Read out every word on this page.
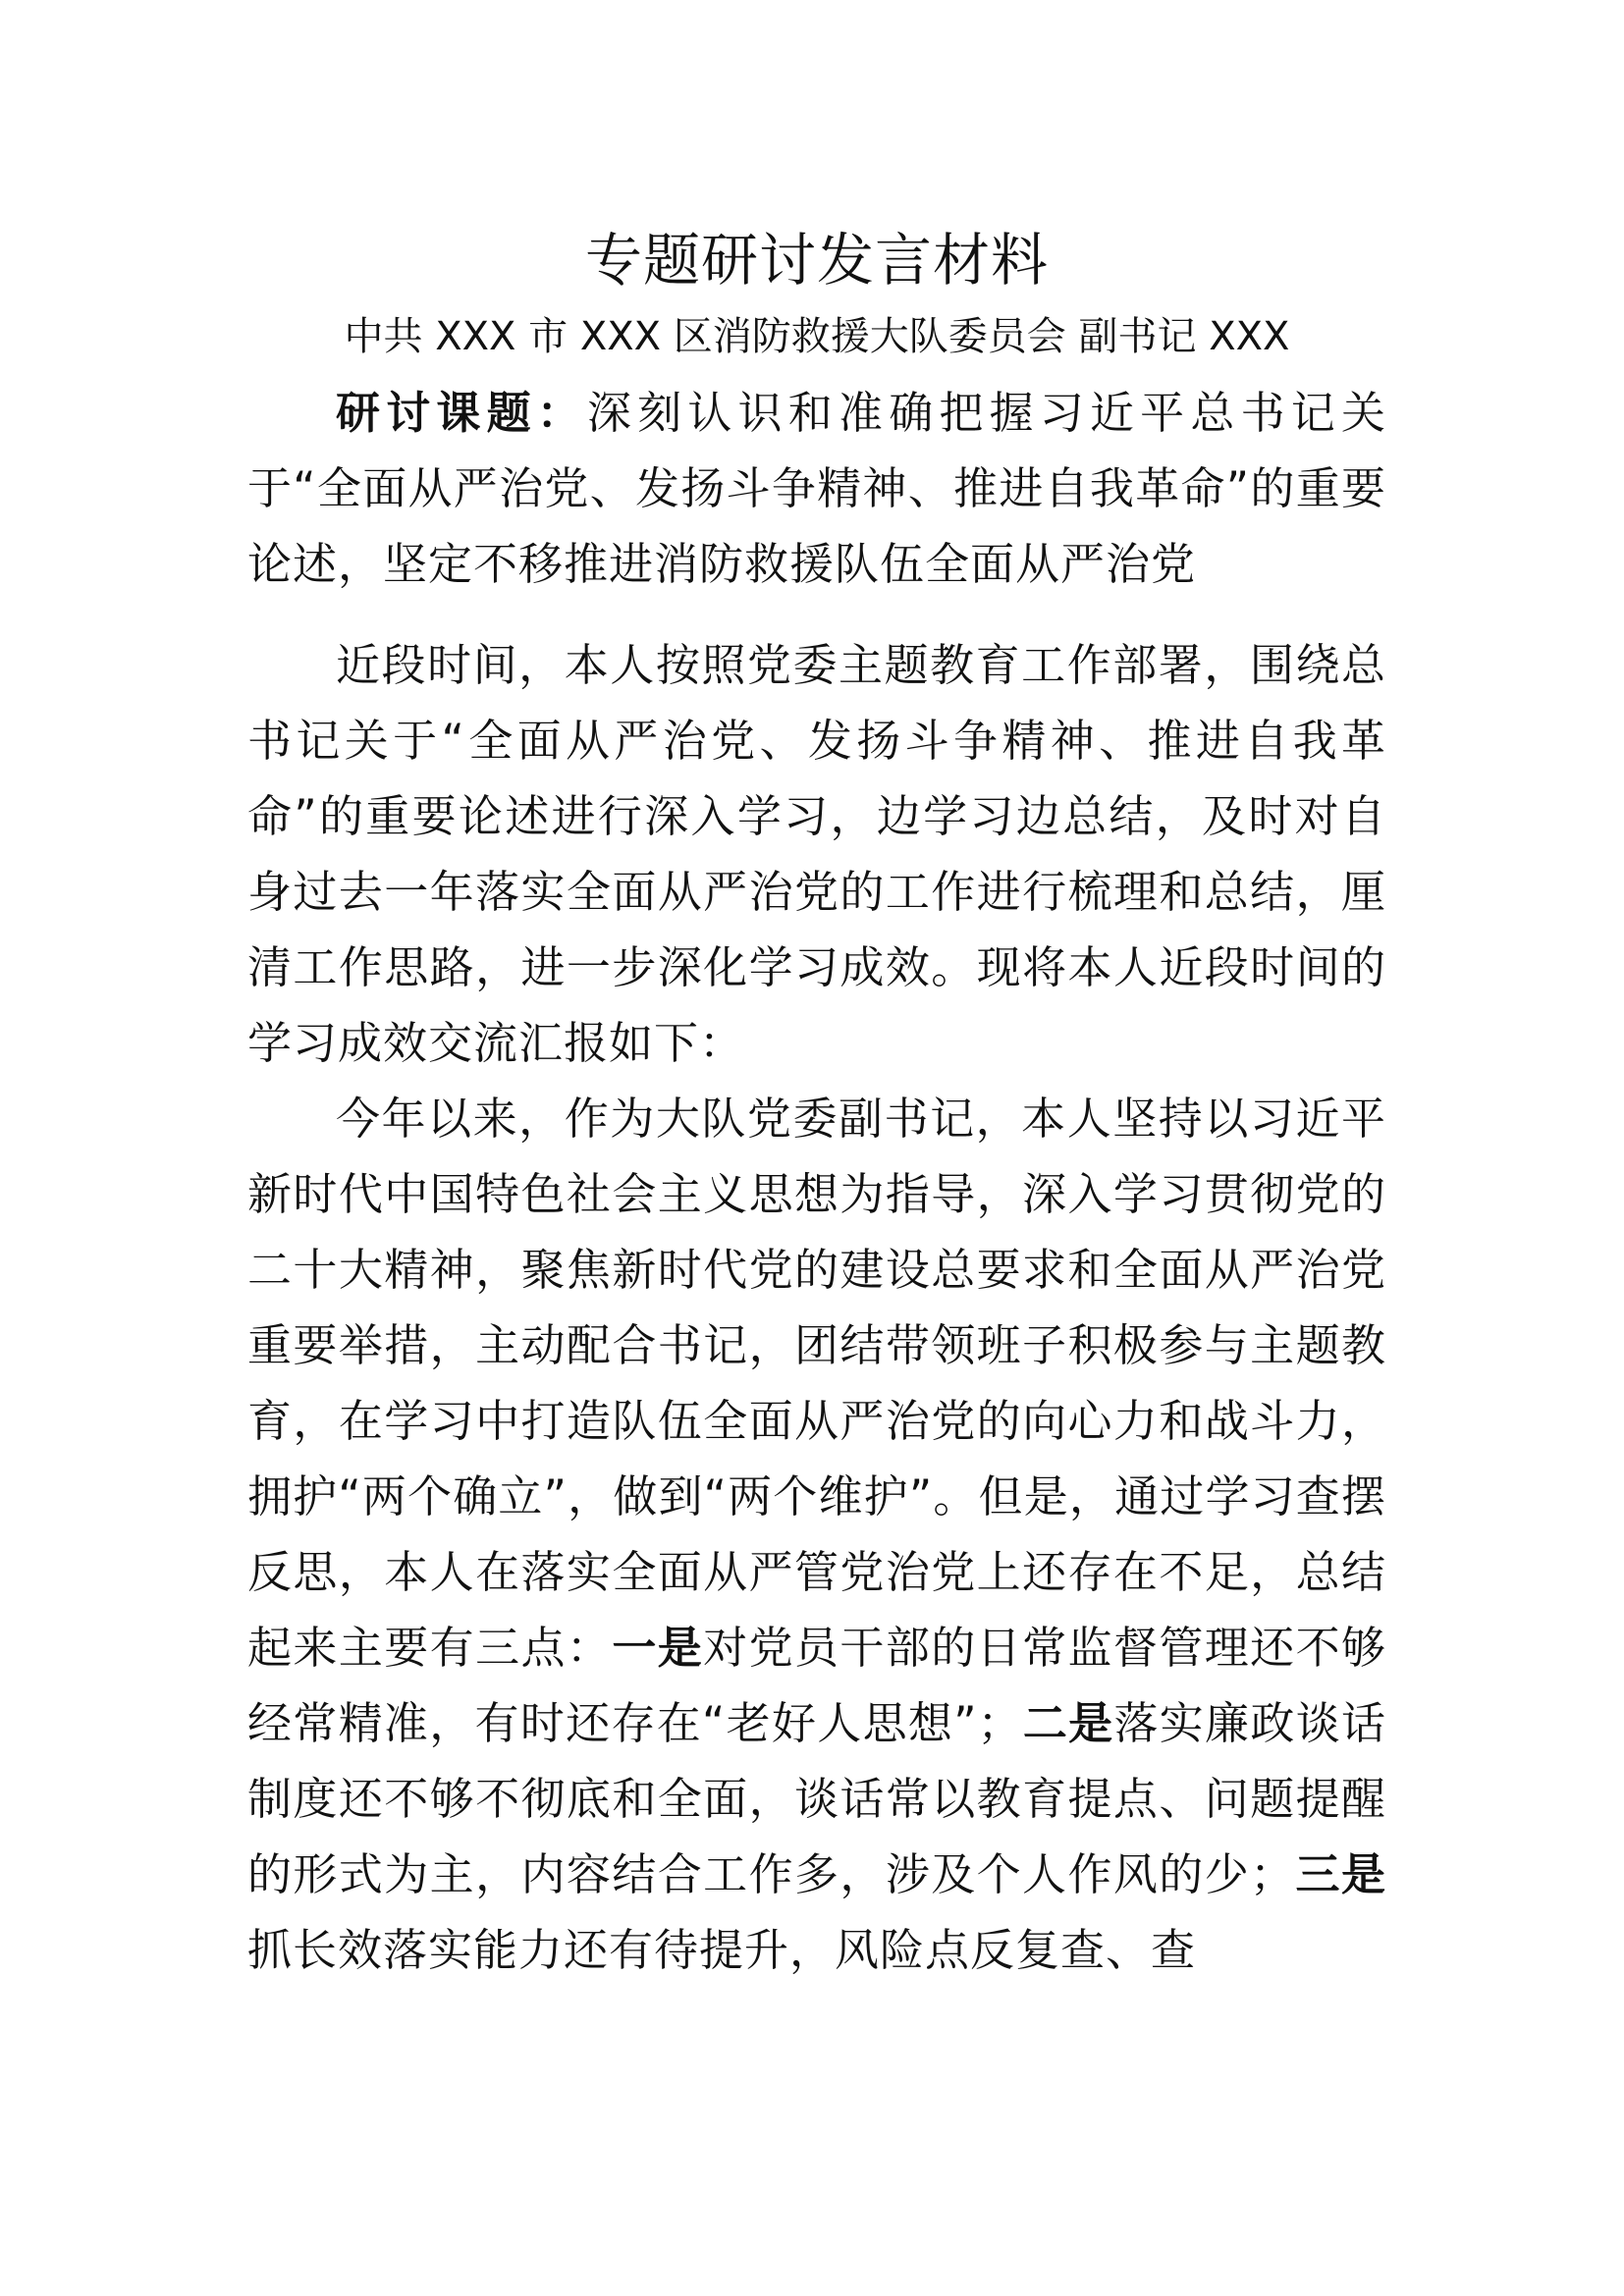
专题研讨发言材料

中共 XXX 市 XXX 区消防救援大队委员会 副书记 XXX

研讨课题：深刻认识和准确把握习近平总书记关于“全面从严治党、发扬斗争精神、推进自我革命”的重要论述，坚定不移推进消防救援队伍全面从严治党

近段时间，本人按照党委主题教育工作部署，围绕总书记关于“全面从严治党、发扬斗争精神、推进自我革命”的重要论述进行深入学习，边学习边总结，及时对自身过去一年落实全面从严治党的工作进行梳理和总结，厘清工作思路，进一步深化学习成效。现将本人近段时间的学习成效交流汇报如下：

今年以来，作为大队党委副书记，本人坚持以习近平新时代中国特色社会主义思想为指导，深入学习贯彻党的二十大精神，聚焦新时代党的建设总要求和全面从严治党重要举措，主动配合书记，团结带领班子积极参与主题教育，在学习中打造队伍全面从严治党的向心力和战斗力，拥护“两个确立”，做到“两个维护”。但是，通过学习查摆反思，本人在落实全面从严管党治党上还存在不足，总结起来主要有三点：一是对党员干部的日常监督管理还不够经常精准，有时还存在“老好人思想”；二是落实廉政谈话制度还不够不彻底和全面，谈话常以教育提点、问题提醒的形式为主，内容结合工作多，涉及个人作风的少；三是抓长效落实能力还有待提升，风险点反复查、查
